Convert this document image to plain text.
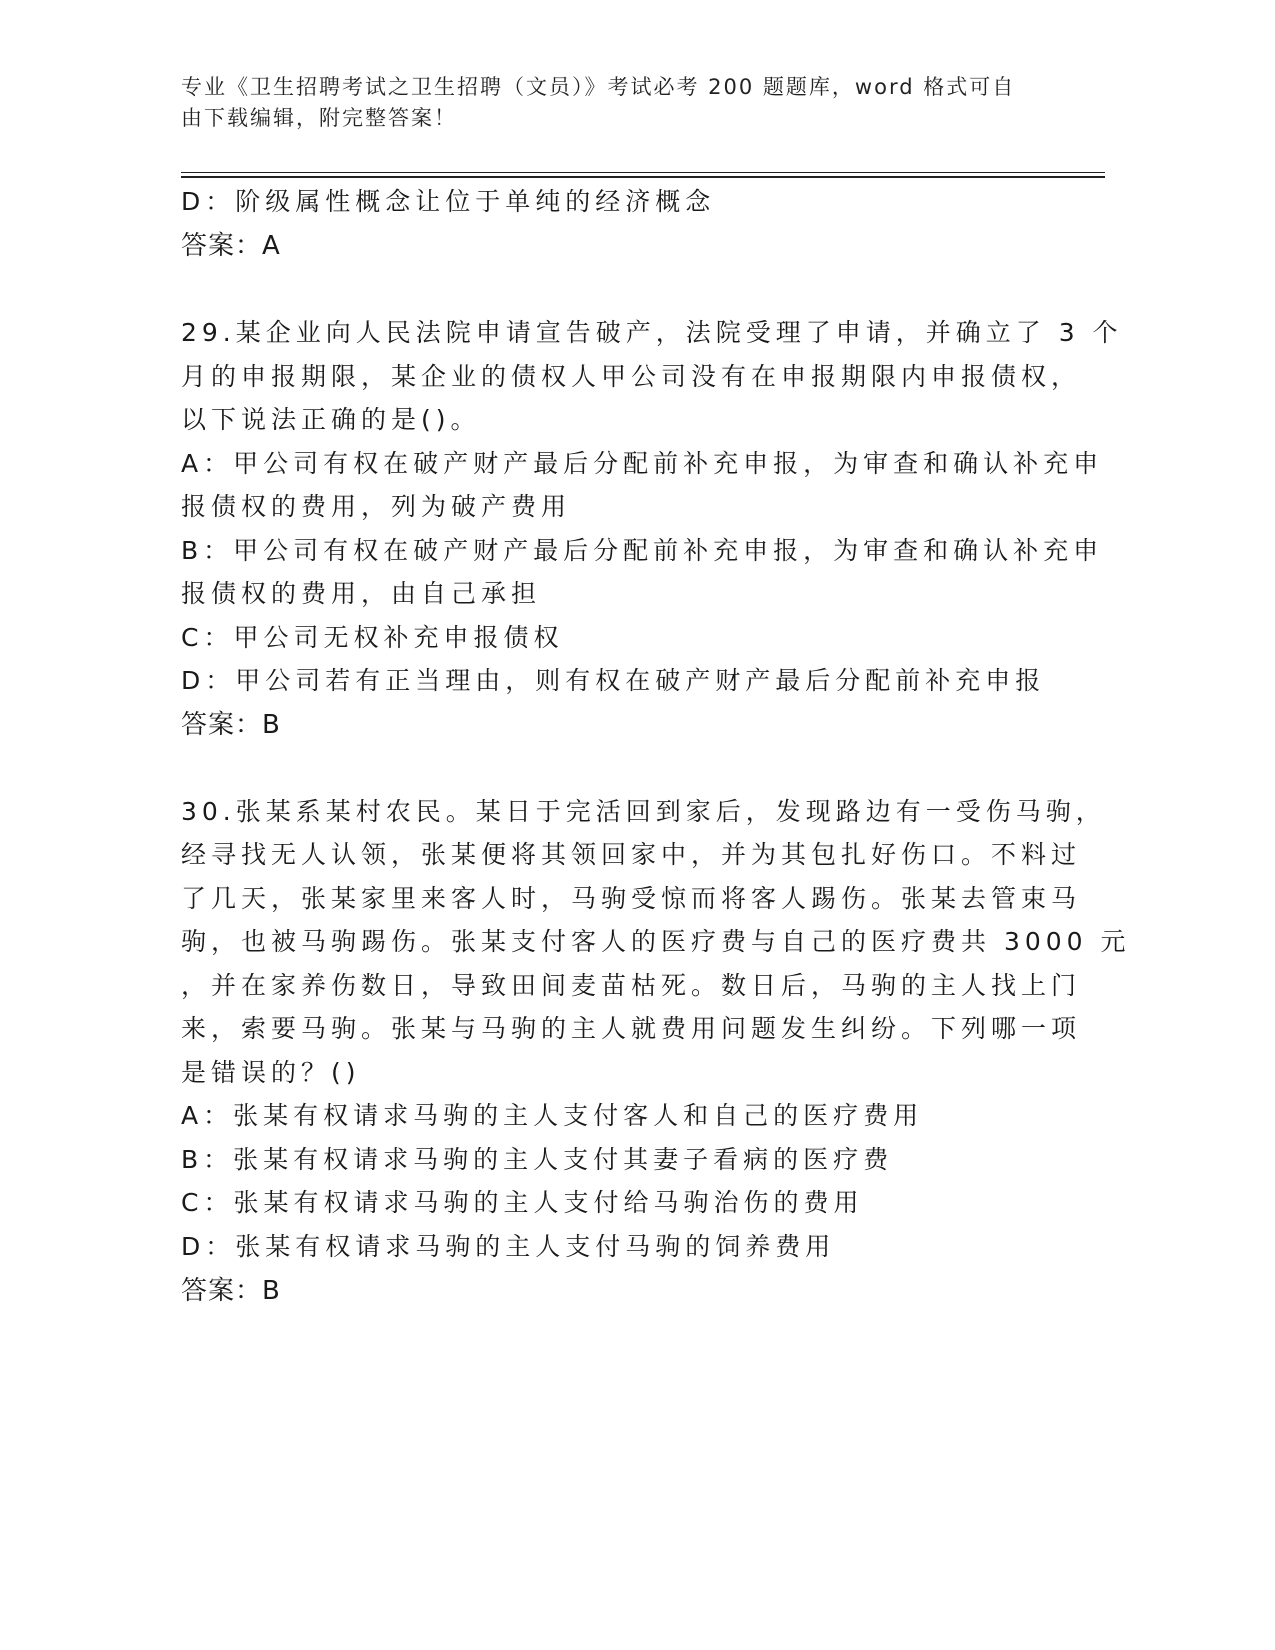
专业《卫生招聘考试之卫生招聘（文员）》考试必考 200 题题库，word 格式可自
由下载编辑，附完整答案！
D：阶级属性概念让位于单纯的经济概念
答案：A
29.某企业向人民法院申请宣告破产，法院受理了申请，并确立了 3 个
月的申报期限，某企业的债权人甲公司没有在申报期限内申报债权，
以下说法正确的是()。
A：甲公司有权在破产财产最后分配前补充申报，为审查和确认补充申
报债权的费用，列为破产费用
B：甲公司有权在破产财产最后分配前补充申报，为审查和确认补充申
报债权的费用，由自己承担
C：甲公司无权补充申报债权
D：甲公司若有正当理由，则有权在破产财产最后分配前补充申报
答案：B
30.张某系某村农民。某日于完活回到家后，发现路边有一受伤马驹，
经寻找无人认领，张某便将其领回家中，并为其包扎好伤口。不料过
了几天，张某家里来客人时，马驹受惊而将客人踢伤。张某去管束马
驹，也被马驹踢伤。张某支付客人的医疗费与自己的医疗费共 3000 元
，并在家养伤数日，导致田间麦苗枯死。数日后，马驹的主人找上门
来，索要马驹。张某与马驹的主人就费用问题发生纠纷。下列哪一项
是错误的？()
A：张某有权请求马驹的主人支付客人和自己的医疗费用
B：张某有权请求马驹的主人支付其妻子看病的医疗费
C：张某有权请求马驹的主人支付给马驹治伤的费用
D：张某有权请求马驹的主人支付马驹的饲养费用
答案：B
